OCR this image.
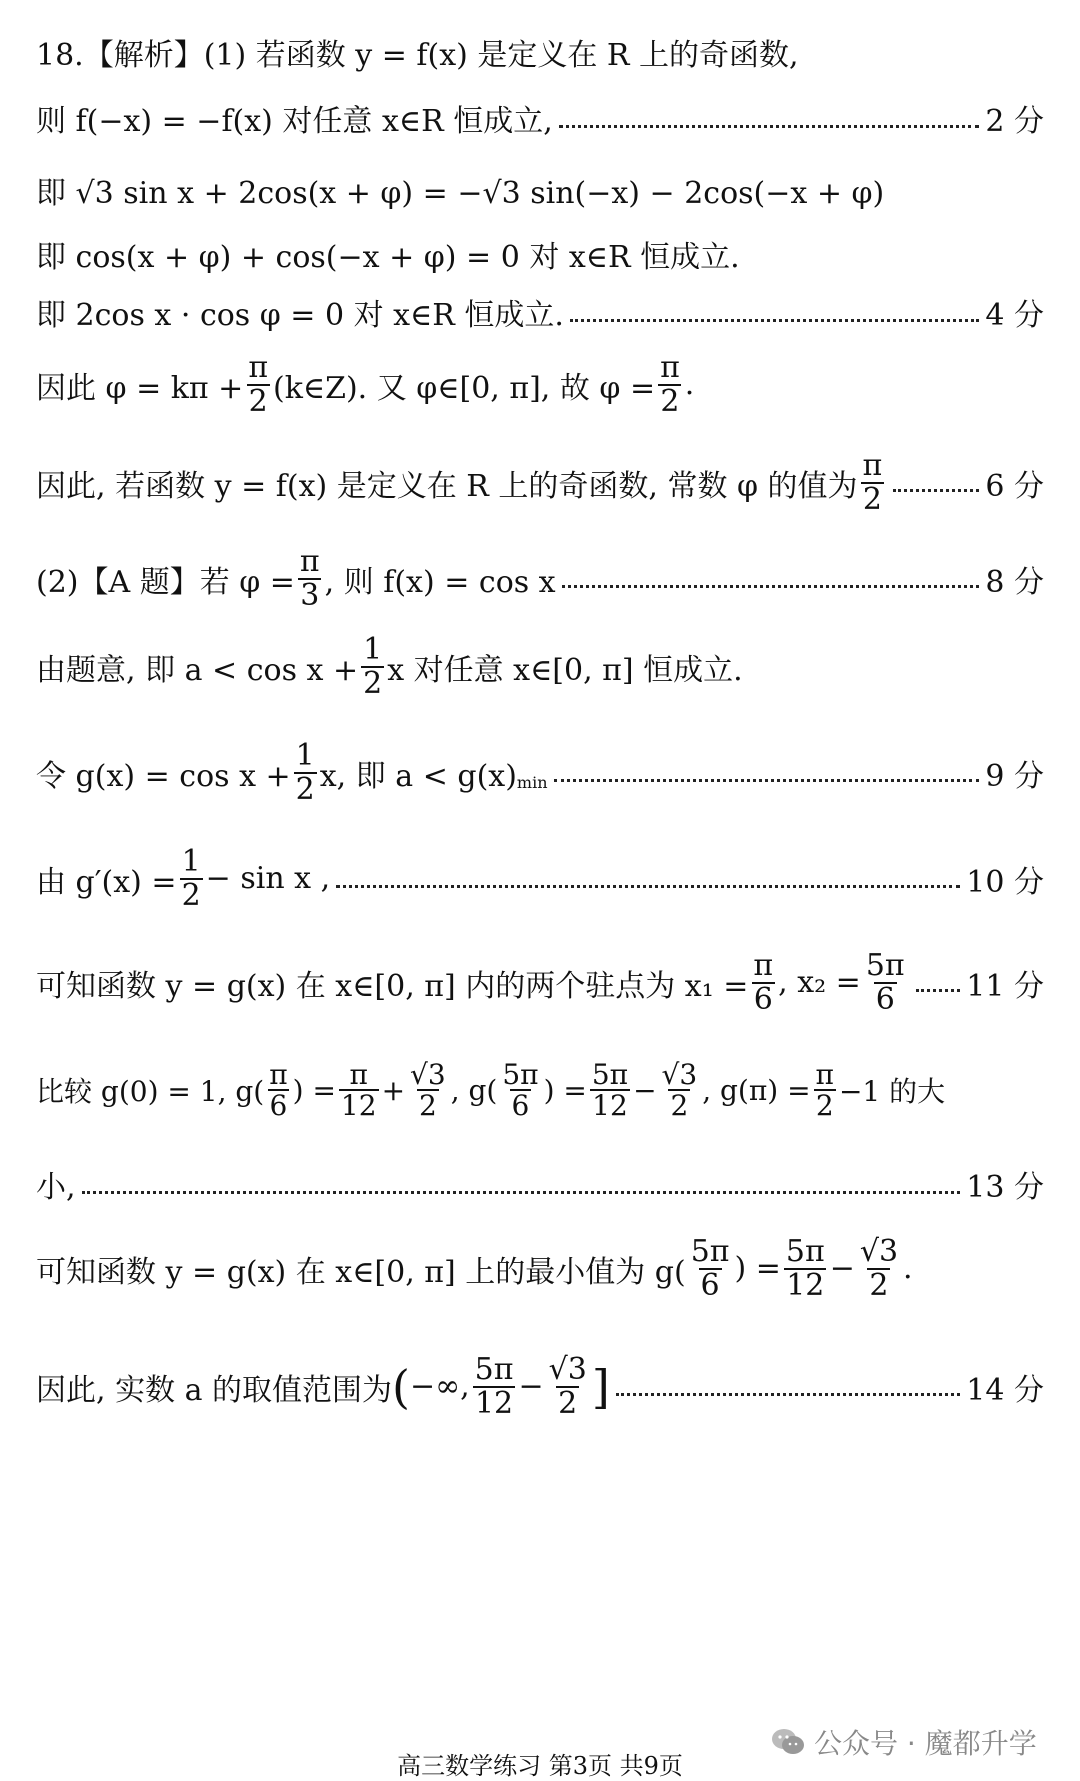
18.【解析】(1) 若函数 y = f(x) 是定义在 R 上的奇函数,
则 f(−x) = −f(x) 对任意 x∈R 恒成立,	2 分
即 √3 sin x + 2cos(x + φ) = −√3 sin(−x) − 2cos(−x + φ)
即 cos(x + φ) + cos(−x + φ) = 0 对 x∈R 恒成立.
即 2cos x · cos φ = 0 对 x∈R 恒成立.	4 分
因此 $\varphi = k\pi + \frac{\pi}{2}$ (k∈Z). 又 φ∈[0, π], 故 $\varphi = \frac{\pi}{2}$ .
因此, 若函数 y = f(x) 是定义在 R 上的奇函数, 常数 φ 的值为 $\frac{\pi}{2}$	6 分
(2)【A 题】若 $\varphi = \frac{\pi}{3}$ , 则 f(x) = cos x	8 分
由题意, 即 $a < \cos x + \frac{1}{2}$ x 对任意 x∈[0, π] 恒成立.
令 $g(x) = \cos x + \frac{1}{2} x$, 即 a < g(x) min	9 分
由 $g'(x) = \frac{1}{2} - \sin x$ ,	10 分
可知函数 y = g(x) 在 x∈[0, π] 内的两个驻点为 $x_1 = \frac{\pi}{6}$ , $x_2 = \frac{5\pi}{6} 11$ 分
比较 g(0) = 1, $g( \frac{\pi}{6}$ ) = $\frac{\pi}{12} + \frac{√3}{2}$ , $g( \frac{5\pi}{6}$ ) = $\frac{5\pi}{12} - \frac{√3}{2}$ , $g(\pi) = \frac{\pi}{2} -1$ 的大
小,	13 分
可知函数 y = g(x) 在 x∈[0, π] 上的最小值为 $g( \frac{5\pi}{6}$ ) = $\frac{5\pi}{12} - \frac{√3}{2}$ .
因此, 实数 a 的取值范围为 ( −∞, $\frac{5\pi}{12} - \frac{√3}{2}$ ]	14 分
公众号 · 魔都升学
高三数学练习 第3页 共9页
